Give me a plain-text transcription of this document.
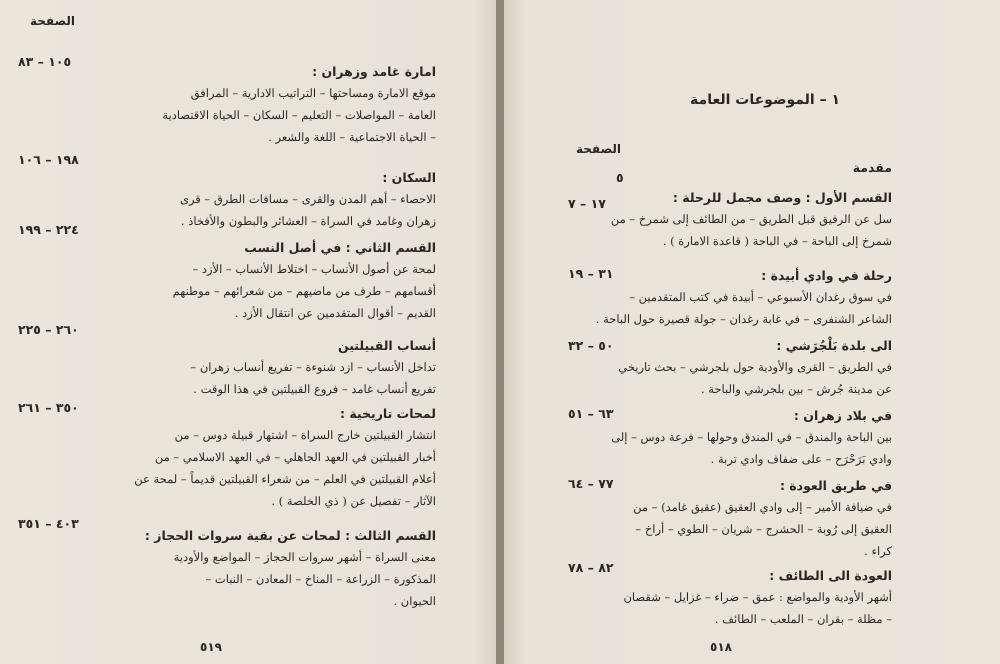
الصفحة
امارة غامد وزهران :
موقع الامارة ومساحتها – التراتيب الادارية – المرافق
العامة – المواصلات – التعليم – السكان – الحياة الاقتصادية
– الحياة الاجتماعية – اللغة والشعر .
١٠٥ – ٨٣
السكان :
الاحصاء – أهم المدن والقرى – مسافات الطرق – قرى
زهران وغامد في السراة – العشائر والبطون والأفخاذ .
١٩٨ – ١٠٦
القسم الثاني : في أصل النسب
لمحة عن أصول الأنساب – اختلاط الأنساب – الأزد –
أقسامهم – طرف من ماضيهم – من شعرائهم – موطنهم
القديم – أقوال المتقدمين عن انتقال الأزد .
٢٢٤ – ١٩٩
أنساب القبيلتين
تداخل الأنساب – ازد شنوءة – تفريع أنساب زهران –
تفريع أنساب غامد – فروع القبيلتين في هذا الوقت .
٢٦٠ – ٢٢٥
لمحات تاريخية :
انتشار القبيلتين خارج السراة – اشتهار قبيلة دوس – من
أخبار القبيلتين في العهد الجاهلي – في العهد الاسلامي – من
أعلام القبيلتين في العلم – من شعراء القبيلتين قديماً – لمحة عن
الآثار – تفصيل عن ( ذي الخلصة ) .
٣٥٠ – ٢٦١
القسم الثالث : لمحات عن بقية سروات الحجاز :
معنى السراة – أشهر سروات الحجاز – المواضع والأودية
المذكورة – الزراعة – المناخ – المعادن – النبات –
الحيوان .
٤٠٣ – ٣٥١
٥١٩
١ – الموضوعات العامة
الصفحة
مقدمة
٥
القسم الأول : وصف مجمل للرحلة :
سل عن الرفيق قبل الطريق – من الطائف إلى شمرخ – من
شمرخ إلى الباحة – في الباحة ( قاعدة الامارة ) .
١٧ – ٧
رحلة في وادي أبيدة :
في سوق رغدان الأسبوعي – أبيدة في كتب المتقدمين –
الشاعر الشنفرى – في غابة رغدان – جولة قصيرة حول الباحة .
٣١ – ١٩
الى بلدة بَلْجُرَشي :
في الطريق – القرى والأودية حول بلجرشي – بحث تاريخي
عن مدينة جُرش – بين بلجرشي والباحة .
٥٠ – ٣٢
في بلاد زهران :
بين الباحة والمندق – في المندق وحولها – فرعة دوس – إلى
وادي بَرَحْرَح – على ضفاف وادي تربة .
٦٣ – ٥١
في طريق العودة :
في ضيافة الأمير – إلى وادي العقيق (عقيق غامد) – من
العقيق إلى رُوبة – الحشرج – شريان – الطوي – أراخ –
كراء .
٧٧ – ٦٤
العودة الى الطائف :
أشهر الأودية والمواضع : عمق – ضراء – غزايل – شقصان
– مظلة – بقران – الملعب – الطائف .
٨٢ – ٧٨
٥١٨
